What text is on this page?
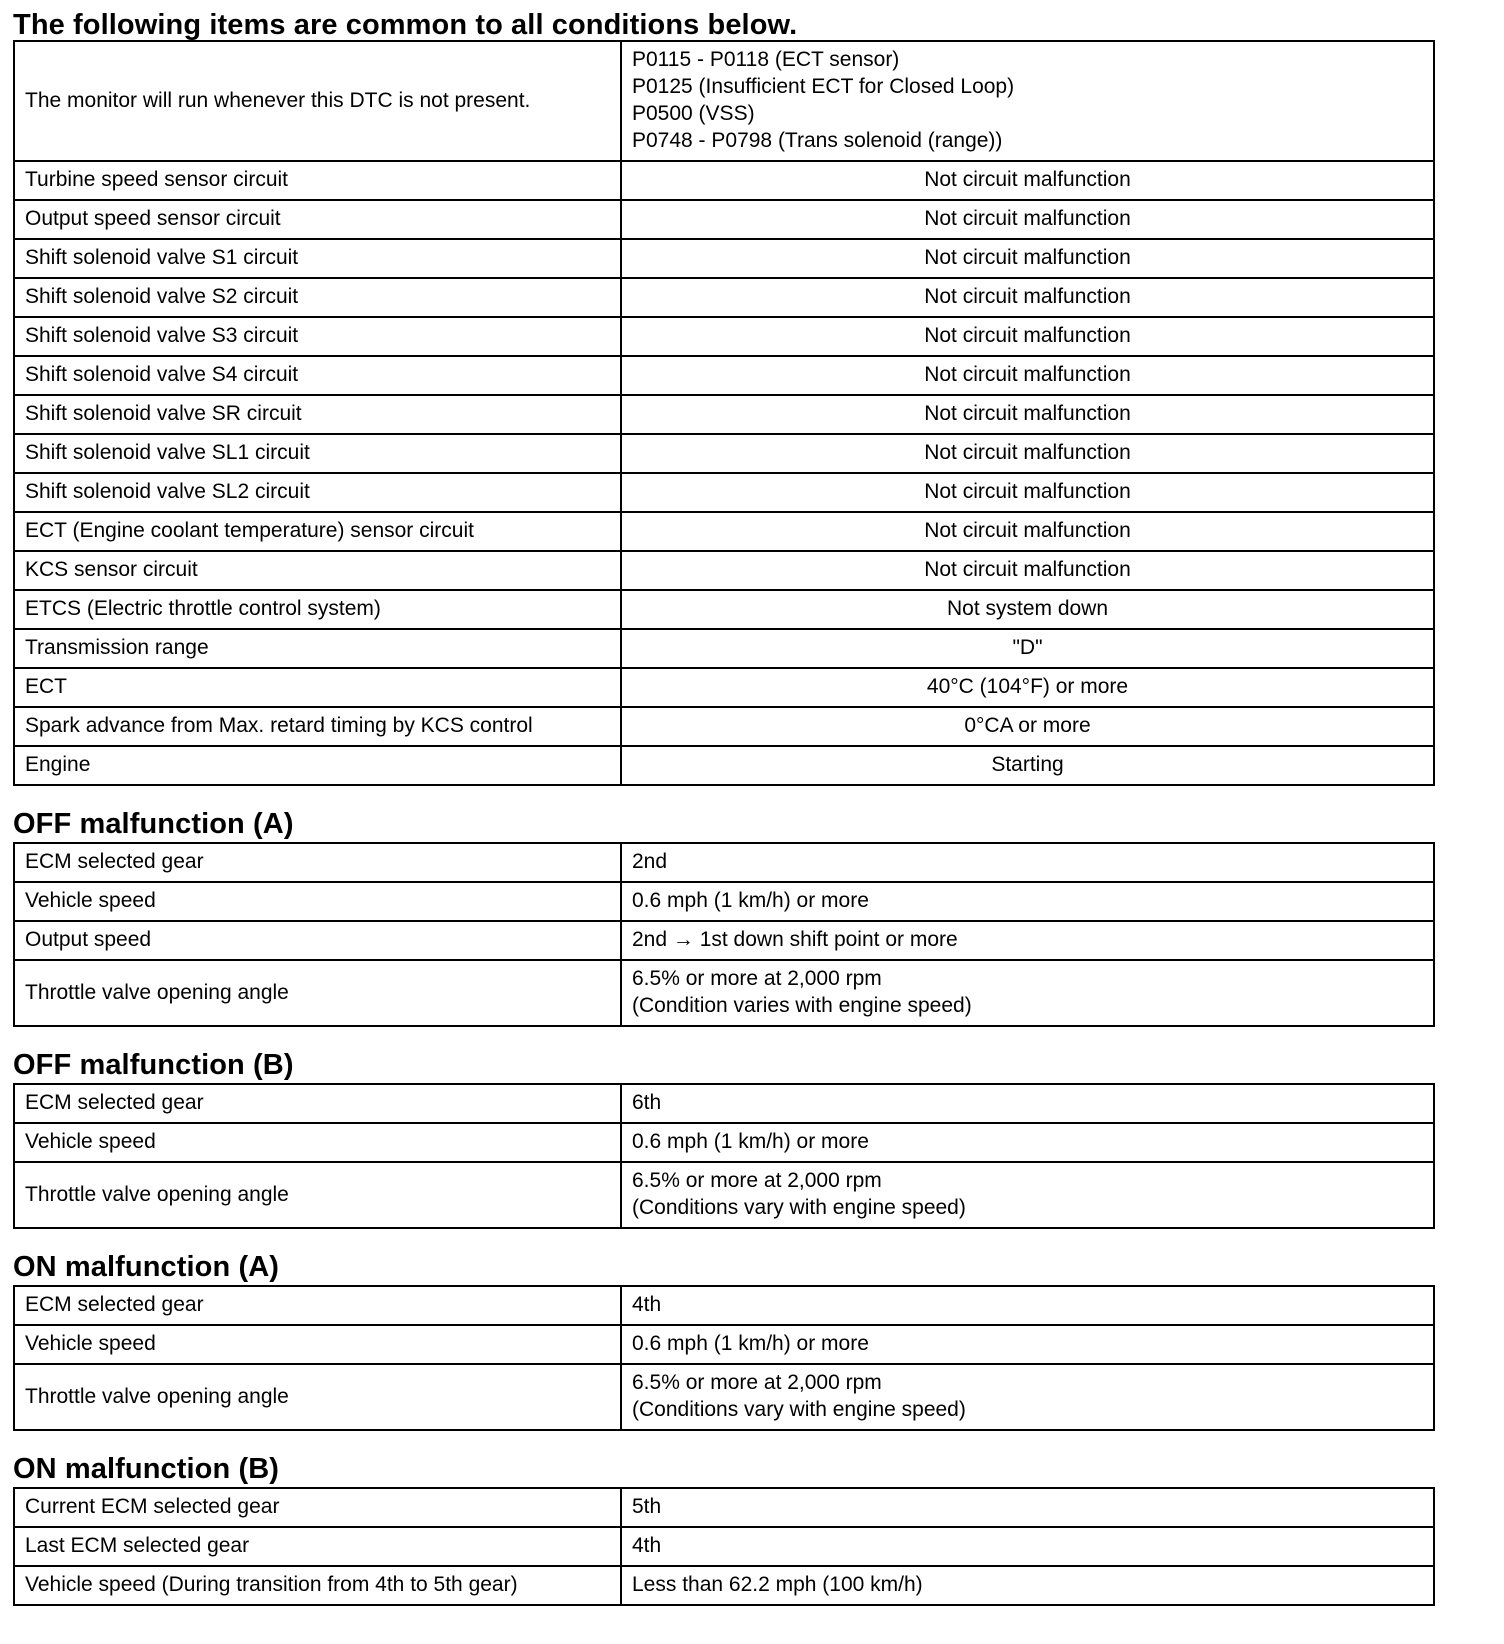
The following items are common to all conditions below.
The monitor will run whenever this DTC is not present.	P0115 - P0118 (ECT sensor)
P0125 (Insufficient ECT for Closed Loop)
P0500 (VSS)
P0748 - P0798 (Trans solenoid (range))

Turbine speed sensor circuit	Not circuit malfunction
Output speed sensor circuit	Not circuit malfunction
Shift solenoid valve S1 circuit	Not circuit malfunction
Shift solenoid valve S2 circuit	Not circuit malfunction
Shift solenoid valve S3 circuit	Not circuit malfunction
Shift solenoid valve S4 circuit	Not circuit malfunction
Shift solenoid valve SR circuit	Not circuit malfunction
Shift solenoid valve SL1 circuit	Not circuit malfunction
Shift solenoid valve SL2 circuit	Not circuit malfunction
ECT (Engine coolant temperature) sensor circuit	Not circuit malfunction
KCS sensor circuit	Not circuit malfunction
ETCS (Electric throttle control system)	Not system down
Transmission range	"D"
ECT	40°C (104°F) or more
Spark advance from Max. retard timing by KCS control	0°CA or more
Engine	Starting
OFF malfunction (A)
ECM selected gear	2nd
Vehicle speed	0.6 mph (1 km/h) or more
Output speed	2nd → 1st down shift point or more
Throttle valve opening angle	6.5% or more at 2,000 rpm
(Condition varies with engine speed)
OFF malfunction (B)
ECM selected gear	6th
Vehicle speed	0.6 mph (1 km/h) or more
Throttle valve opening angle	6.5% or more at 2,000 rpm
(Conditions vary with engine speed)
ON malfunction (A)
ECM selected gear	4th
Vehicle speed	0.6 mph (1 km/h) or more
Throttle valve opening angle	6.5% or more at 2,000 rpm
(Conditions vary with engine speed)
ON malfunction (B)
Current ECM selected gear	5th
Last ECM selected gear	4th
Vehicle speed (During transition from 4th to 5th gear)	Less than 62.2 mph (100 km/h)
